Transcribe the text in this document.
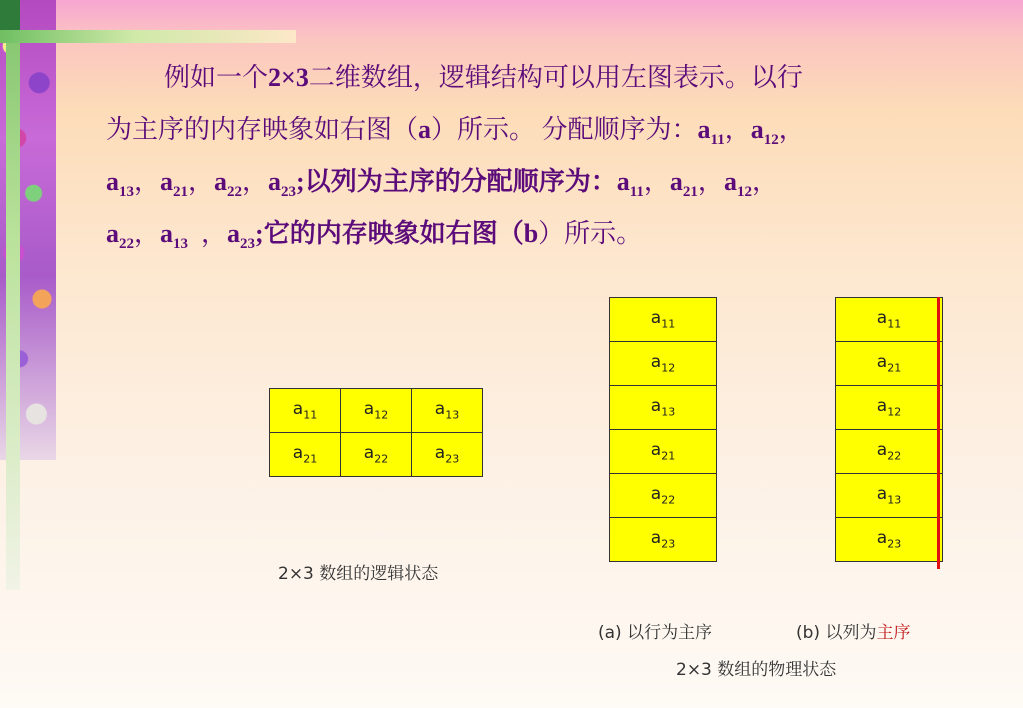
例如一个2×3二维数组，逻辑结构可以用左图表示。以行
为主序的内存映象如右图（a）所示。 分配顺序为：$a_{11}$，$a_{12}$，
$a_{13}$，$a_{21}$，$a_{22}$，$a_{23}$;以列为主序的分配顺序为：$a_{11}$，$a_{21}$，$a_{12}$，
$a_{22}$，$a_{13}$ ，$a_{23}$;它的内存映象如右图（b）所示。
$a_{11}$	$a_{12}$	$a_{13}$
$a_{21}$	$a_{22}$	$a_{23}$
2×3 数组的逻辑状态
$a_{11}$
$a_{12}$
$a_{13}$
$a_{21}$
$a_{22}$
$a_{23}$
$a_{11}$
$a_{21}$
$a_{12}$
$a_{22}$
$a_{13}$
$a_{23}$
(a) 以行为主序	(b) 以列为主序
2×3 数组的物理状态
